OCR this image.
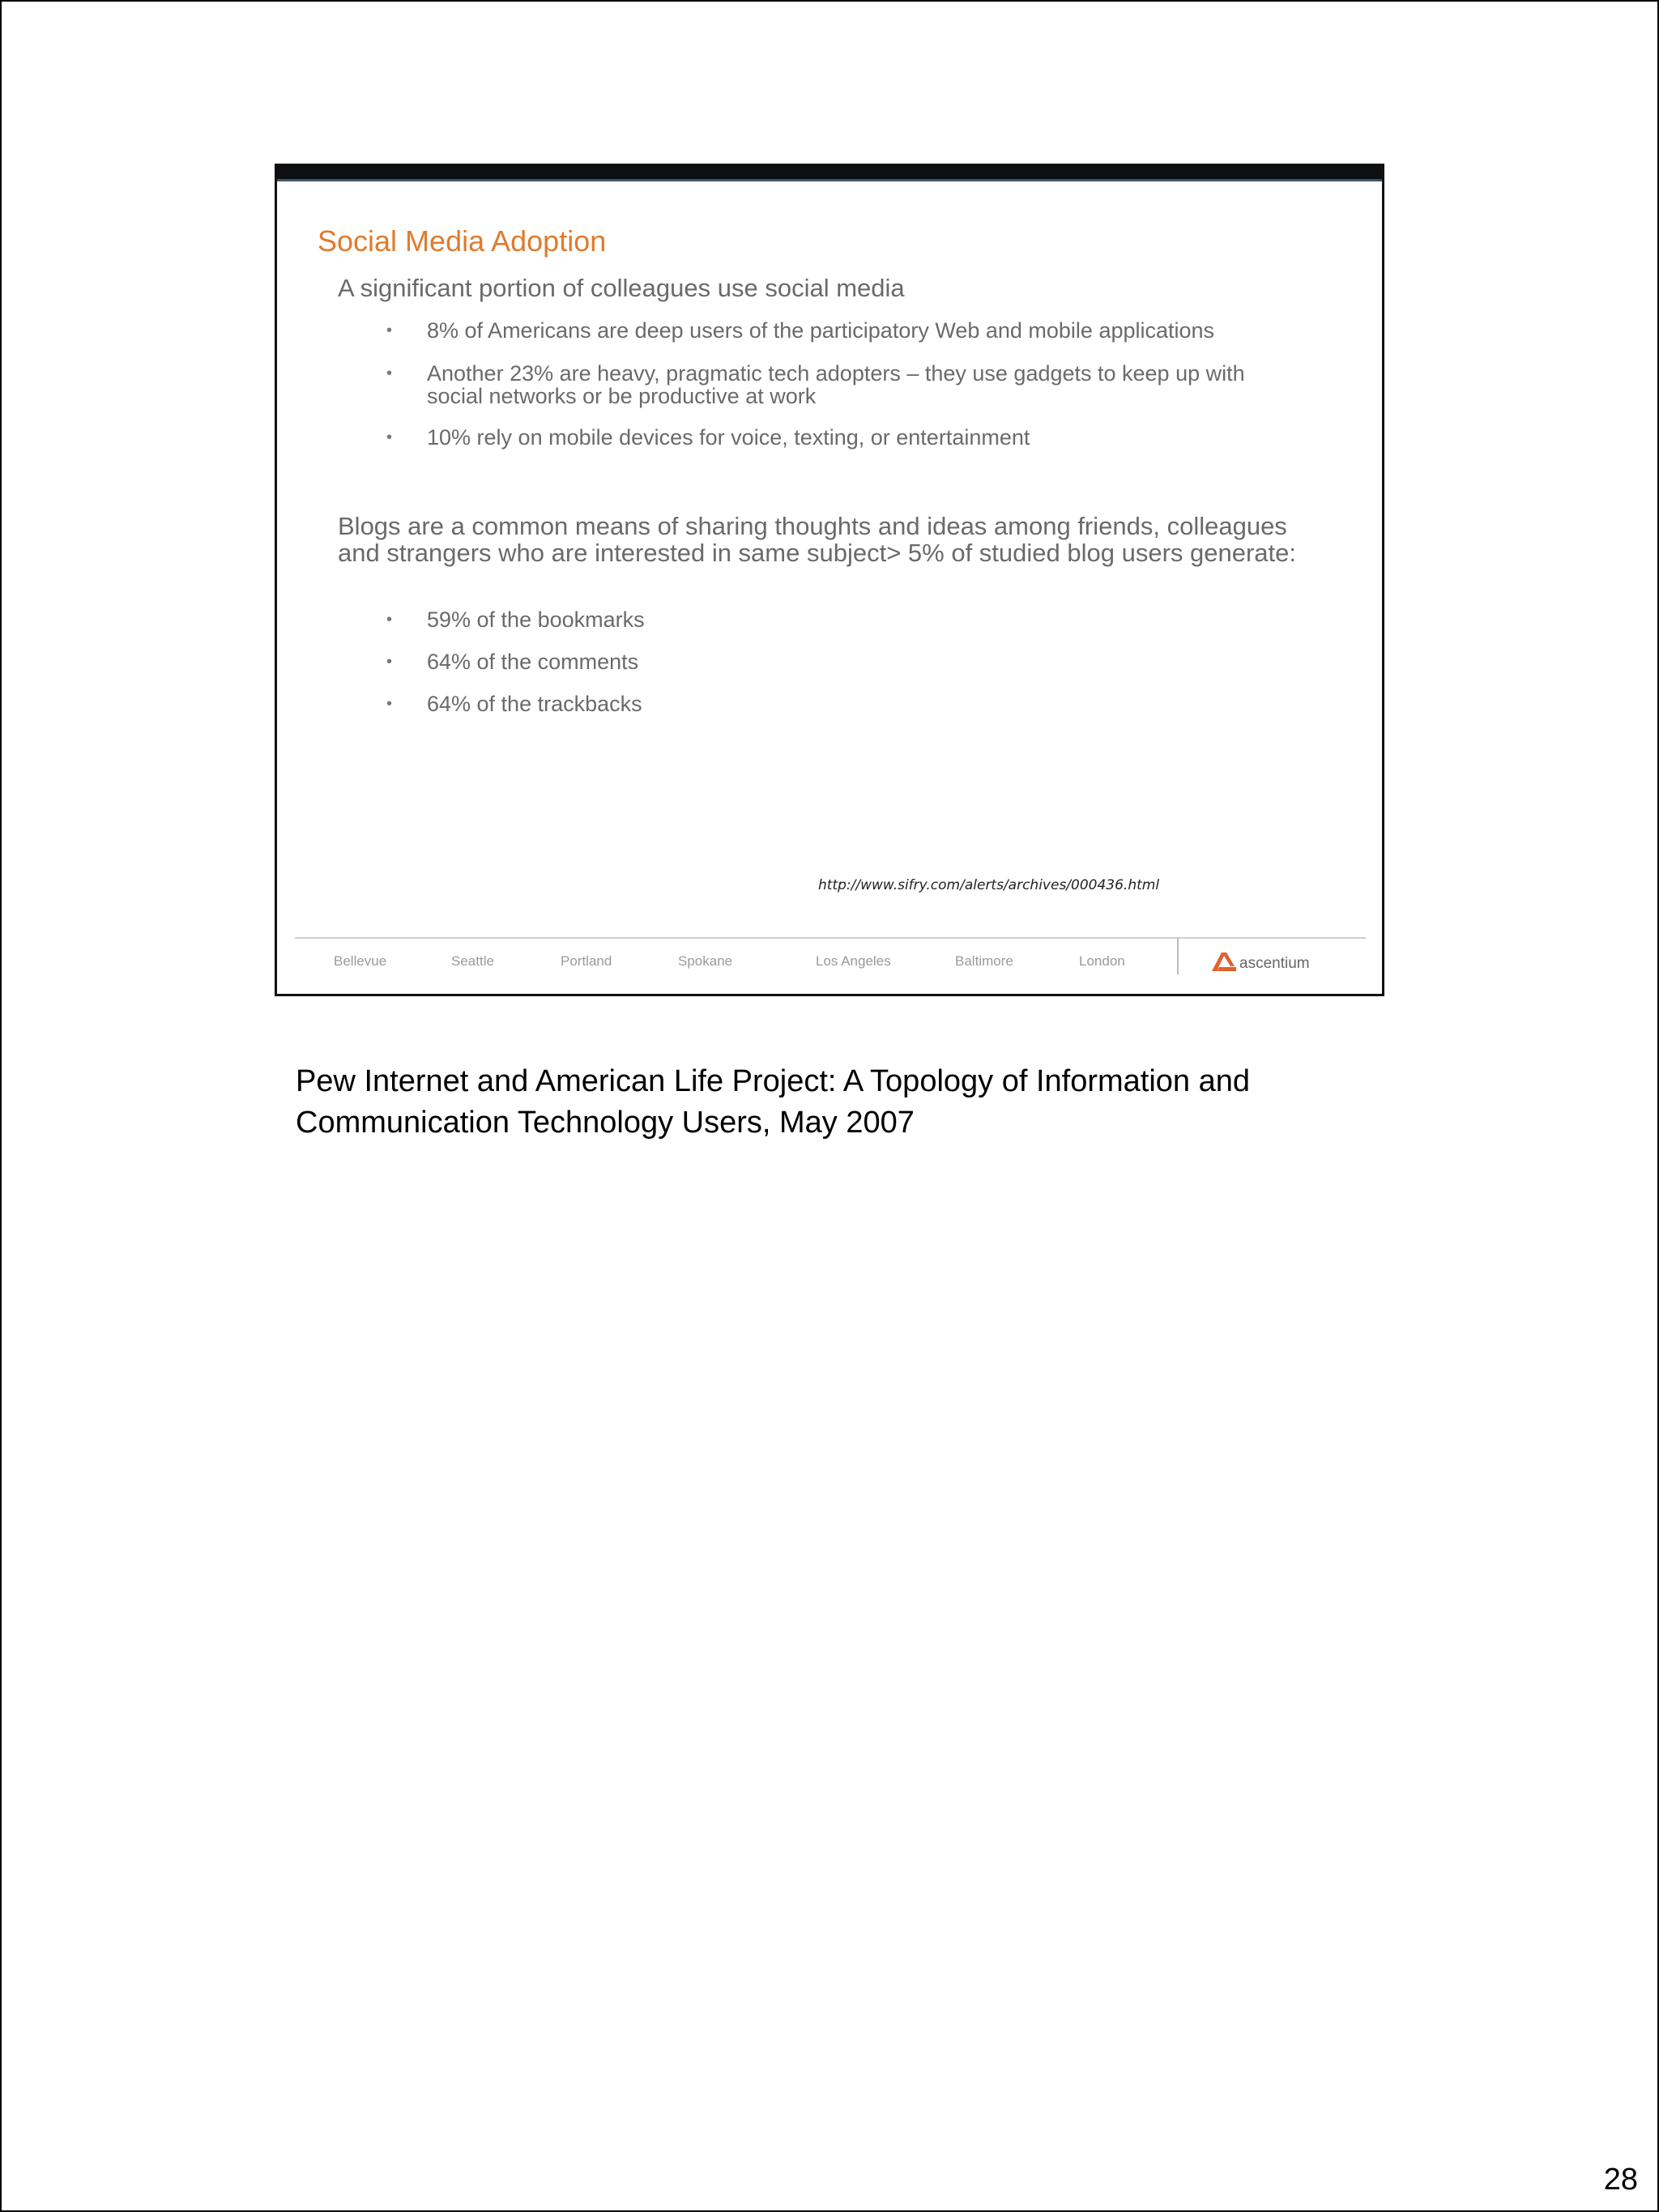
Social Media Adoption
A significant portion of colleagues use social media
• 8% of Americans are deep users of the participatory Web and mobile applications
• Another 23% are heavy, pragmatic tech adopters – they use gadgets to keep up with social networks or be productive at work
• 10% rely on mobile devices for voice, texting, or entertainment
Blogs are a common means of sharing thoughts and ideas among friends, colleagues and strangers who are interested in same subject> 5% of studied blog users generate:
• 59% of the bookmarks
• 64% of the comments
• 64% of the trackbacks
http://www.sifry.com/alerts/archives/000436.html
Bellevue	Seattle	Portland	Spokane	Los Angeles	Baltimore	London	ascentium
Pew Internet and American Life Project: A Topology of Information and Communication Technology Users, May 2007
28
